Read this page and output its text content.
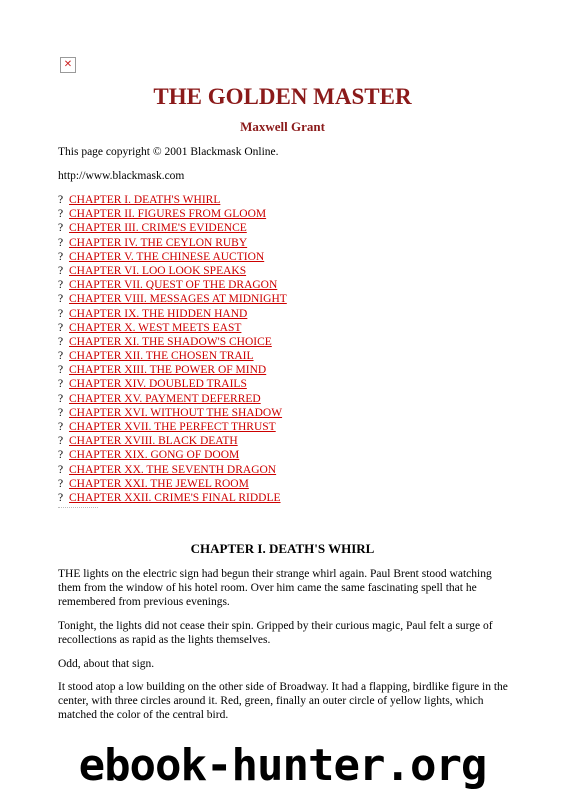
✕
THE GOLDEN MASTER
Maxwell Grant
This page copyright © 2001 Blackmask Online.
http://www.blackmask.com
? CHAPTER I. DEATH'S WHIRL
? CHAPTER II. FIGURES FROM GLOOM
? CHAPTER III. CRIME'S EVIDENCE
? CHAPTER IV. THE CEYLON RUBY
? CHAPTER V. THE CHINESE AUCTION
? CHAPTER VI. LOO LOOK SPEAKS
? CHAPTER VII. QUEST OF THE DRAGON
? CHAPTER VIII. MESSAGES AT MIDNIGHT
? CHAPTER IX. THE HIDDEN HAND
? CHAPTER X. WEST MEETS EAST
? CHAPTER XI. THE SHADOW'S CHOICE
? CHAPTER XII. THE CHOSEN TRAIL
? CHAPTER XIII. THE POWER OF MIND
? CHAPTER XIV. DOUBLED TRAILS
? CHAPTER XV. PAYMENT DEFERRED
? CHAPTER XVI. WITHOUT THE SHADOW
? CHAPTER XVII. THE PERFECT THRUST
? CHAPTER XVIII. BLACK DEATH
? CHAPTER XIX. GONG OF DOOM
? CHAPTER XX. THE SEVENTH DRAGON
? CHAPTER XXI. THE JEWEL ROOM
? CHAPTER XXII. CRIME'S FINAL RIDDLE
CHAPTER I. DEATH'S WHIRL

THE lights on the electric sign had begun their strange whirl again. Paul Brent stood watching them from the window of his hotel room. Over him came the same fascinating spell that he remembered from previous evenings.

Tonight, the lights did not cease their spin. Gripped by their curious magic, Paul felt a surge of recollections as rapid as the lights themselves.

Odd, about that sign.

It stood atop a low building on the other side of Broadway. It had a flapping, birdlike figure in the center, with three circles around it. Red, green, finally an outer circle of yellow lights, which matched the color of the central bird.

ebook-hunter.org
